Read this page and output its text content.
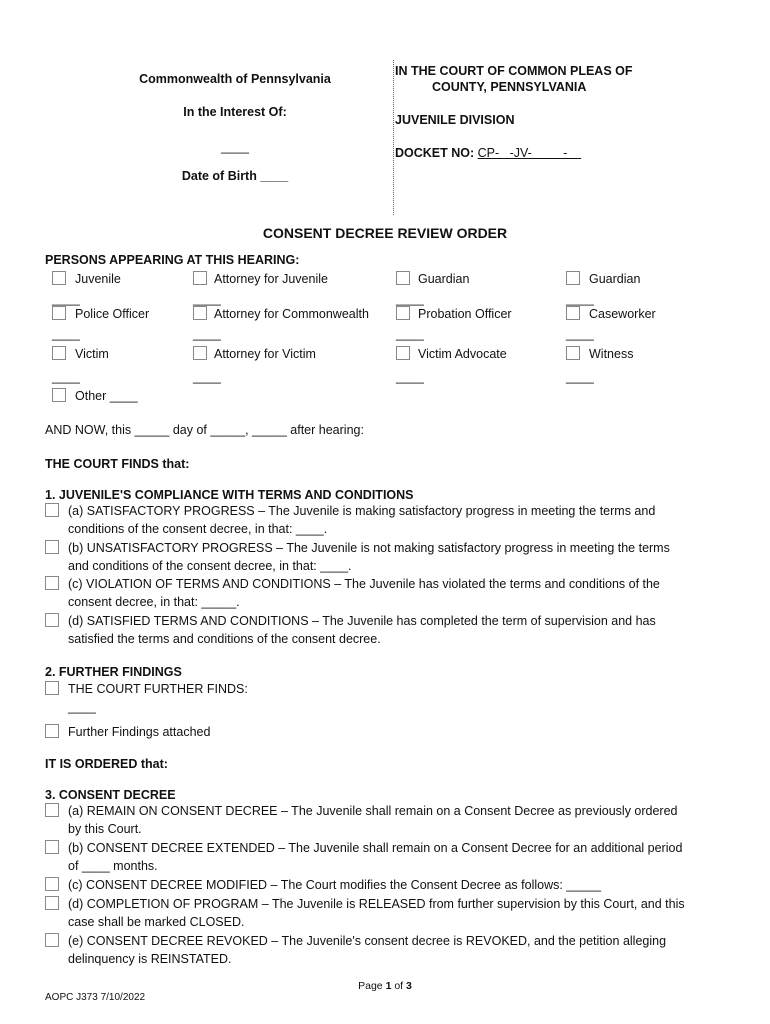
Commonwealth of Pennsylvania
In the Interest Of:
____
Date of Birth ____
IN THE COURT OF COMMON PLEAS OF
COUNTY, PENNSYLVANIA
JUVENILE DIVISION
DOCKET NO: CP-   -JV-         -
CONSENT DECREE REVIEW ORDER
PERSONS APPEARING AT THIS HEARING:
Juvenile
____
Attorney for Juvenile
____
Guardian
____
Guardian
____
Police Officer
____
Attorney for Commonwealth
____
Probation Officer
____
Caseworker
____
Victim
____
Attorney for Victim
____
Victim Advocate
____
Witness
____
Other ____
AND NOW, this _____ day of _____, _____ after hearing:
THE COURT FINDS that:
1. JUVENILE'S COMPLIANCE WITH TERMS AND CONDITIONS
(a) SATISFACTORY PROGRESS – The Juvenile is making satisfactory progress in meeting the terms and
conditions of the consent decree, in that: ____.
(b) UNSATISFACTORY PROGRESS – The Juvenile is not making satisfactory progress in meeting the terms
and conditions of the consent decree, in that: ____.
(c) VIOLATION OF TERMS AND CONDITIONS – The Juvenile has violated the terms and conditions of the
consent decree, in that: _____.
(d) SATISFIED TERMS AND CONDITIONS – The Juvenile has completed the term of supervision and has
satisfied the terms and conditions of the consent decree.
2. FURTHER FINDINGS
THE COURT FURTHER FINDS:
____
Further Findings attached
IT IS ORDERED that:
3. CONSENT DECREE
(a) REMAIN ON CONSENT DECREE – The Juvenile shall remain on a Consent Decree as previously ordered
by this Court.
(b) CONSENT DECREE EXTENDED – The Juvenile shall remain on a Consent Decree for an additional period
of ____ months.
(c) CONSENT DECREE MODIFIED – The Court modifies the Consent Decree as follows: _____
(d) COMPLETION OF PROGRAM – The Juvenile is RELEASED from further supervision by this Court, and this
case shall be marked CLOSED.
(e) CONSENT DECREE REVOKED – The Juvenile's consent decree is REVOKED, and the petition alleging
delinquency is REINSTATED.
Page 1 of 3
AOPC J373 7/10/2022
